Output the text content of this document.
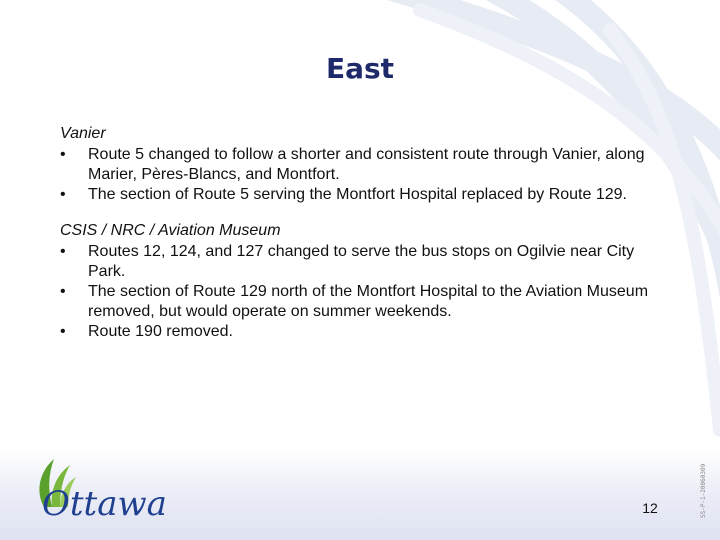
East

Vanier

• Route 5 changed to follow a shorter and consistent route through Vanier, along Marier, Pères-Blancs, and Montfort.
• The section of Route 5 serving the Montfort Hospital replaced by Route 129.

CSIS / NRC / Aviation Museum

• Routes 12, 124, and 127 changed to serve the bus stops on Ogilvie near City Park.
• The section of Route 129 north of the Montfort Hospital to the Aviation Museum removed, but would operate on summer weekends.
• Route 190 removed.
Ottawa	12	SS-P-1-20060309
